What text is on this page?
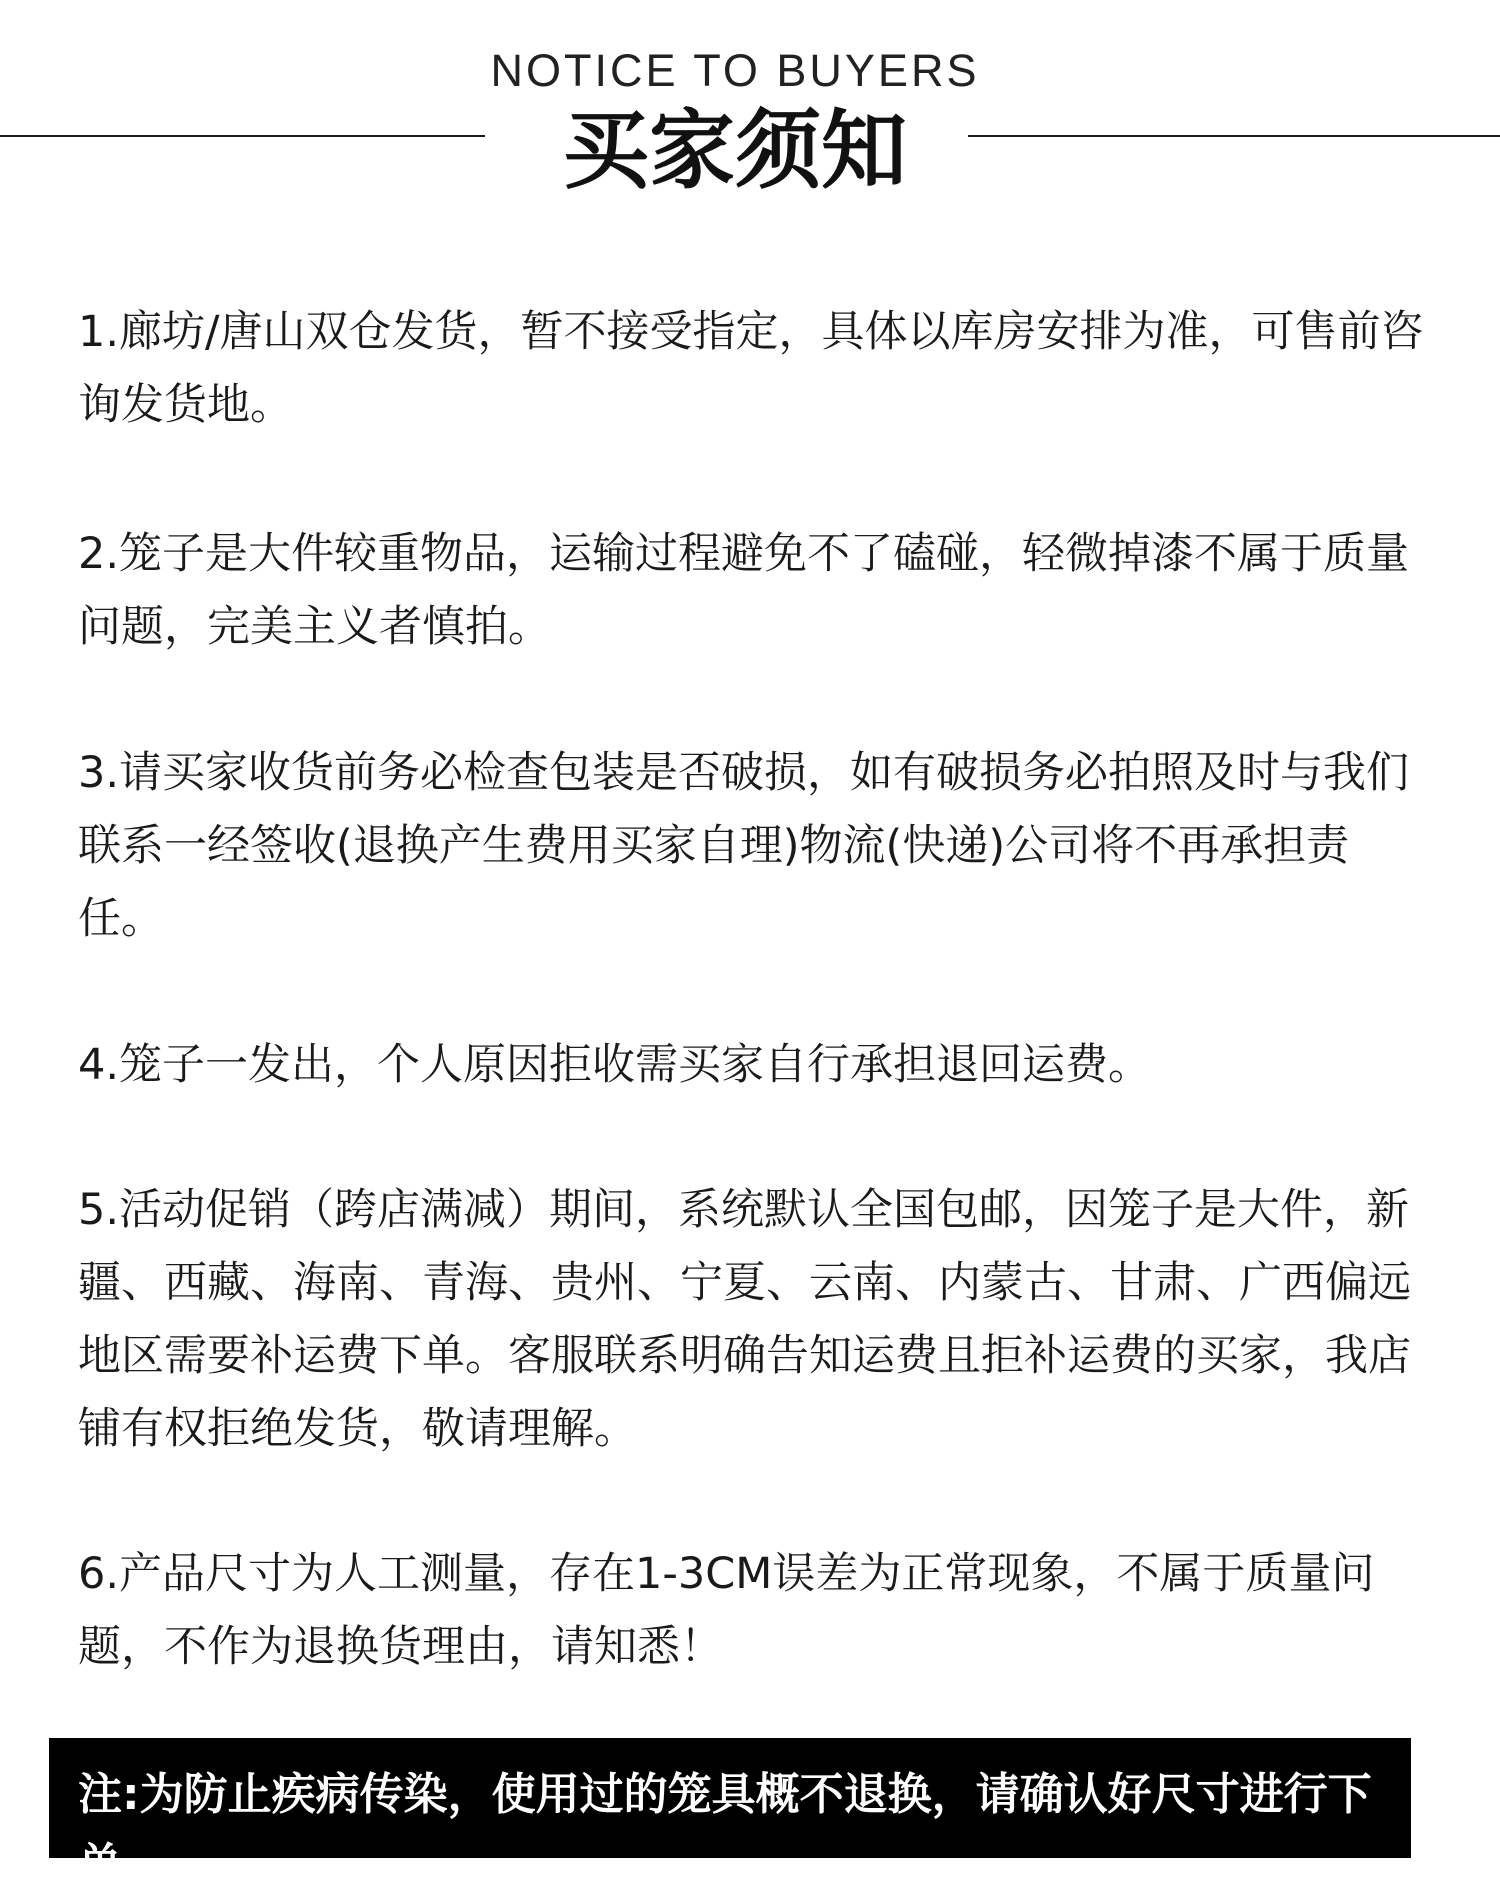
NOTICE TO BUYERS
买家须知
1.廊坊/唐山双仓发货，暂不接受指定，具体以库房安排为准，可售前咨询发货地。
2.笼子是大件较重物品，运输过程避免不了磕碰，轻微掉漆不属于质量问题，完美主义者慎拍。
3.请买家收货前务必检查包装是否破损，如有破损务必拍照及时与我们联系一经签收(退换产生费用买家自理)物流(快递)公司将不再承担责任。
4.笼子一发出，个人原因拒收需买家自行承担退回运费。
5.活动促销（跨店满减）期间，系统默认全国包邮，因笼子是大件，新疆、西藏、海南、青海、贵州、宁夏、云南、内蒙古、甘肃、广西偏远地区需要补运费下单。客服联系明确告知运费且拒补运费的买家，我店铺有权拒绝发货，敬请理解。
6.产品尺寸为人工测量，存在1-3CM误差为正常现象，不属于质量问题，不作为退换货理由，请知悉！
注:为防止疾病传染，使用过的笼具概不退换，请确认好尺寸进行下单
